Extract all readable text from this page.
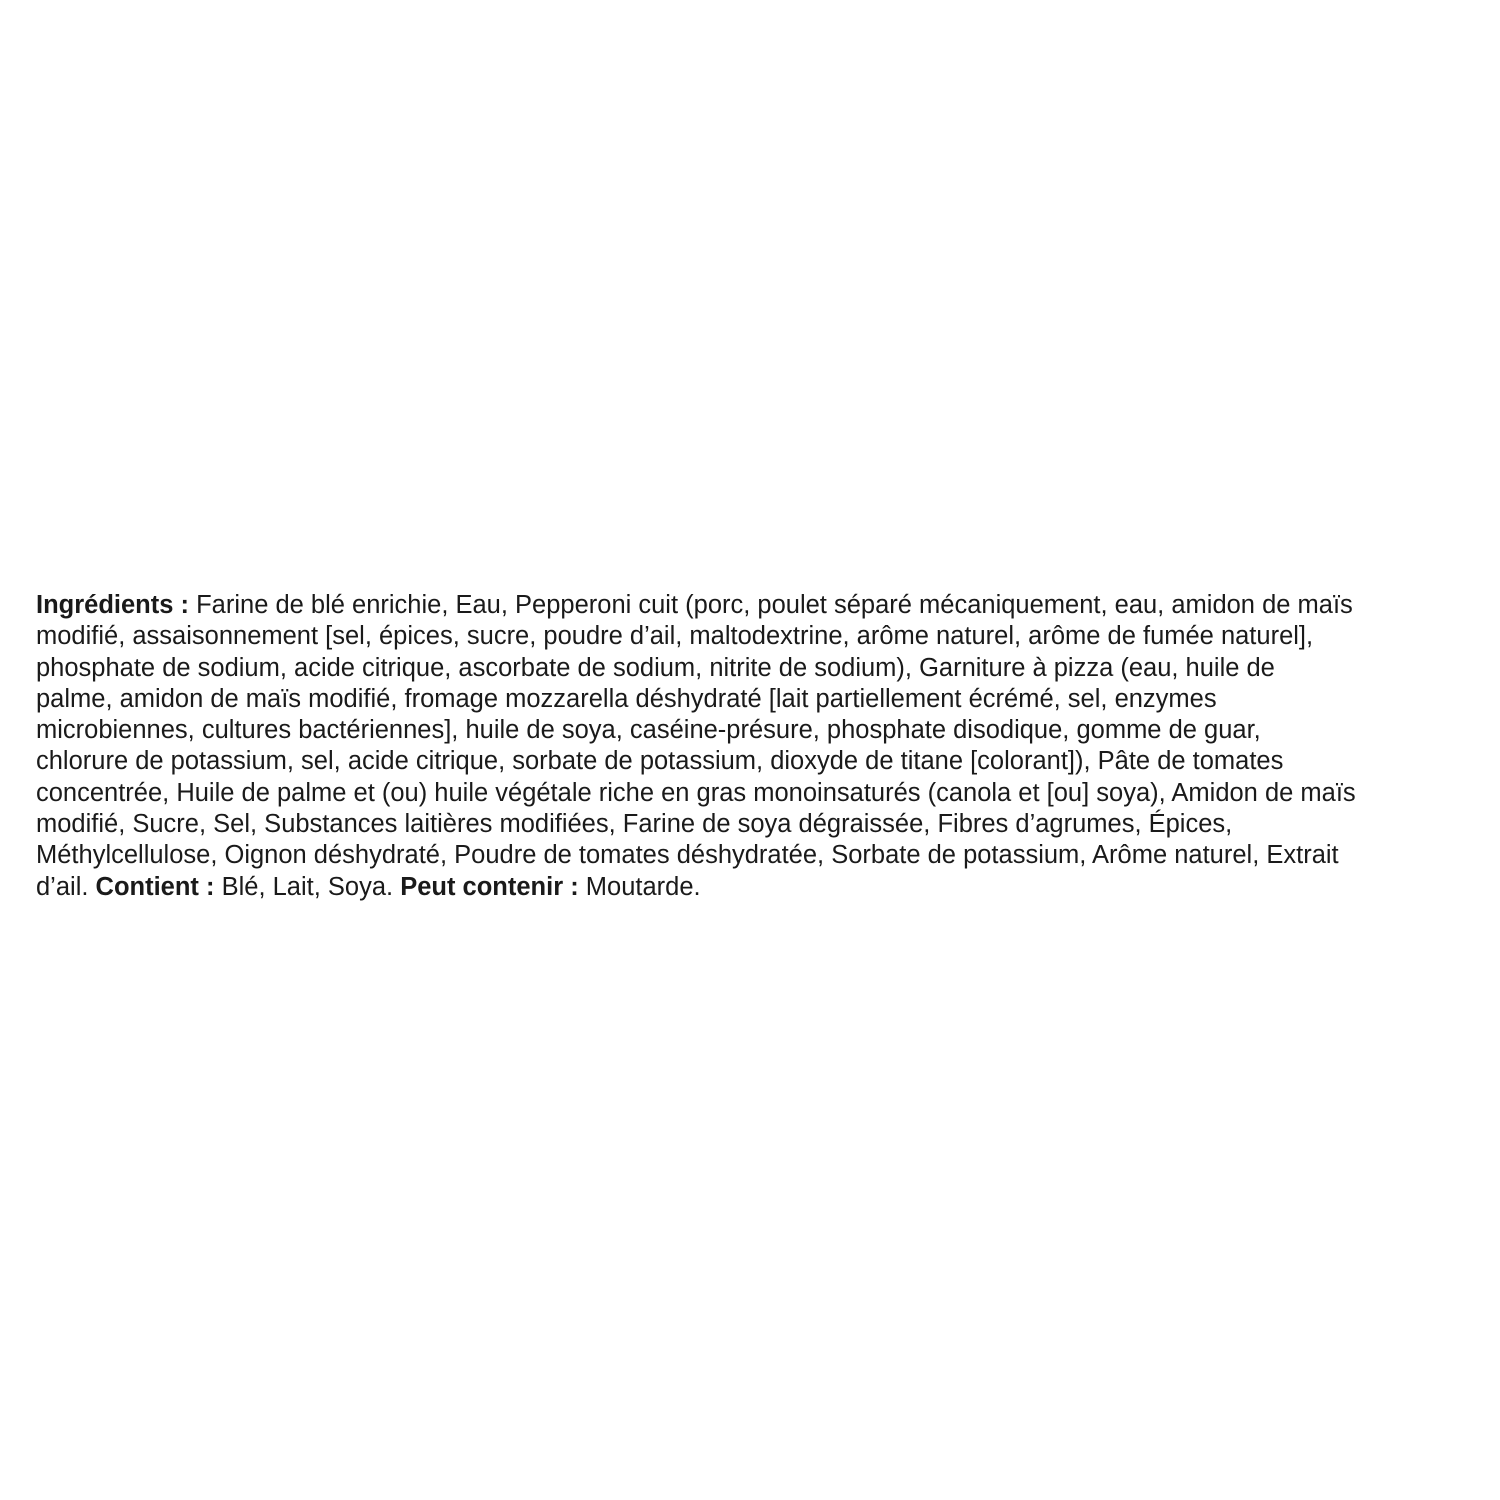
Ingrédients : Farine de blé enrichie, Eau, Pepperoni cuit (porc, poulet séparé mécaniquement, eau, amidon de maïs
modifié, assaisonnement [sel, épices, sucre, poudre d’ail, maltodextrine, arôme naturel, arôme de fumée naturel],
phosphate de sodium, acide citrique, ascorbate de sodium, nitrite de sodium), Garniture à pizza (eau, huile de
palme, amidon de maïs modifié, fromage mozzarella déshydraté [lait partiellement écrémé, sel, enzymes
microbiennes, cultures bactériennes], huile de soya, caséine-présure, phosphate disodique, gomme de guar,
chlorure de potassium, sel, acide citrique, sorbate de potassium, dioxyde de titane [colorant]), Pâte de tomates
concentrée, Huile de palme et (ou) huile végétale riche en gras monoinsaturés (canola et [ou] soya), Amidon de maïs
modifié, Sucre, Sel, Substances laitières modifiées, Farine de soya dégraissée, Fibres d’agrumes, Épices,
Méthylcellulose, Oignon déshydraté, Poudre de tomates déshydratée, Sorbate de potassium, Arôme naturel, Extrait
d’ail. Contient : Blé, Lait, Soya. Peut contenir : Moutarde.
